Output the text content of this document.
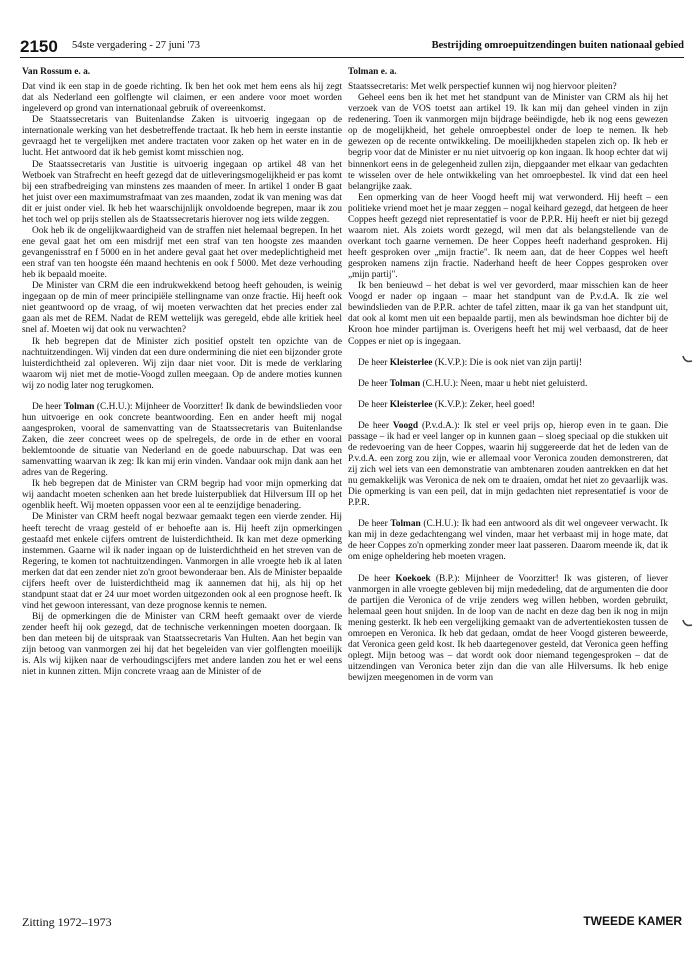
2150 54ste vergadering - 27 juni '73	Bestrijding omroepuitzendingen buiten nationaal gebied

Van Rossum e. a.

Dat vind ik een stap in de goede richting. Ik ben het ook met hem eens als hij zegt dat als Nederland een golflengte wil claimen, er een andere voor moet worden ingeleverd op grond van internationaal gebruik of overeenkomst.

De Staatssecretaris van Buitenlandse Zaken is uitvoerig ingegaan op de internationale werking van het desbetreffende tractaat. Ik heb hem in eerste instantie gevraagd het te vergelijken met andere tractaten voor zaken op het water en in de lucht. Het antwoord dat ik heb gemist komt misschien nog.

De Staatssecretaris van Justitie is uitvoerig ingegaan op artikel 48 van het Wetboek van Strafrecht en heeft gezegd dat de uitleveringsmogelijkheid er pas komt bij een strafbedreiging van minstens zes maanden of meer. In artikel 1 onder B gaat het juist over een maximumstrafmaat van zes maanden, zodat ik van mening was dat dit er juist onder viel. Ik heb het waarschijnlijk onvoldoende begrepen, maar ik zou het toch wel op prijs stellen als de Staatssecretaris hierover nog iets wilde zeggen.

Ook heb ik de ongelijkwaardigheid van de straffen niet helemaal begrepen. In het ene geval gaat het om een misdrijf met een straf van ten hoogste zes maanden gevangenisstraf en f 5000 en in het andere geval gaat het over medeplichtigheid met een straf van ten hoogste één maand hechtenis en ook f 5000. Met deze verhouding heb ik bepaald moeite.

De Minister van CRM die een indrukwekkend betoog heeft gehouden, is weinig ingegaan op de min of meer principiële stellingname van onze fractie. Hij heeft ook niet geantwoord op de vraag, of wij moeten verwachten dat het precies ender zal gaan als met de REM. Nadat de REM wettelijk was geregeld, ebde alle kritiek heel snel af. Moeten wij dat ook nu verwachten?

Ik heb begrepen dat de Minister zich positief opstelt ten opzichte van de nachtuitzendingen. Wij vinden dat een dure ondermining die niet een bijzonder grote luisterdichtheid zal opleveren. Wij zijn daar niet voor. Dit is mede de verklaring waarom wij niet met de motie-Voogd zullen meegaan. Op de andere moties kunnen wij zo nodig later nog terugkomen.

De heer Tolman (C.H.U.): Mijnheer de Voorzitter! Ik dank de bewindslieden voor hun uitvoerige en ook concrete beantwoording. Een en ander heeft mij nogal aangesproken, vooral de samenvatting van de Staatssecretaris van Buitenlandse Zaken, die zeer concreet wees op de spelregels, de orde in de ether en vooral beklemtoonde de situatie van Nederland en de goede nabuurschap. Dat was een samenvatting waarvan ik zeg: Ik kan mij erin vinden. Vandaar ook mijn dank aan het adres van de Regering.

Ik heb begrepen dat de Minister van CRM begrip had voor mijn opmerking dat wij aandacht moeten schenken aan het brede luisterpubliek dat Hilversum III op het ogenblik heeft. Wij moeten oppassen voor een al te eenzijdige benadering.

De Minister van CRM heeft nogal bezwaar gemaakt tegen een vierde zender. Hij heeft terecht de vraag gesteld of er behoefte aan is. Hij heeft zijn opmerkingen gestaafd met enkele cijfers omtrent de luisterdichtheid. Ik kan met deze opmerking instemmen. Gaarne wil ik nader ingaan op de luisterdichtheid en het streven van de Regering, te komen tot nachtuitzendingen. Vanmorgen in alle vroegte heb ik al laten merken dat dat een zender niet zo'n groot bewonderaar ben. Als de Minister bepaalde cijfers heeft over de luisterdichtheid mag ik aannemen dat hij, als hij op het standpunt staat dat er 24 uur moet worden uitgezonden ook al een prognose heeft. Ik vind het gewoon interessant, van deze prognose kennis te nemen.

Bij de opmerkingen die de Minister van CRM heeft gemaakt over de vierde zender heeft hij ook gezegd, dat de technische verkenningen moeten doorgaan. Ik ben dan meteen bij de uitspraak van Staatssecretaris Van Hulten. Aan het begin van zijn betoog van vanmorgen zei hij dat het begeleiden van vier golflengten moeilijk is. Als wij kijken naar de verhoudingscijfers met andere landen zou het er wel eens niet in kunnen zitten. Mijn concrete vraag aan de Minister of de

Tolman e. a.

Staatssecretaris: Met welk perspectief kunnen wij nog hiervoor pleiten?

Geheel eens ben ik het met het standpunt van de Minister van CRM als hij het verzoek van de VOS toetst aan artikel 19. Ik kan mij dan geheel vinden in zijn redenering. Toen ik vanmorgen mijn bijdrage beëindigde, heb ik nog eens gewezen op de mogelijkheid, het gehele omroepbestel onder de loep te nemen. Ik heb gewezen op de recente ontwikkeling. De moeilijkheden stapelen zich op. Ik heb er begrip voor dat de Minister er nu niet uitvoerig op kon ingaan. Ik hoop echter dat wij binnenkort eens in de gelegenheid zullen zijn, diepgaander met elkaar van gedachten te wisselen over de hele ontwikkeling van het omroepbestel. Ik vind dat een heel belangrijke zaak.

Een opmerking van de heer Voogd heeft mij wat verwonderd. Hij heeft – een politieke vriend moet het je maar zeggen – nogal keihard gezegd, dat hetgeen de heer Coppes heeft gezegd niet representatief is voor de P.P.R. Hij heeft er niet bij gezegd waarom niet. Als zoiets wordt gezegd, wil men dat als belangstellende van de overkant toch gaarne vernemen. De heer Coppes heeft naderhand gesproken. Hij heeft gesproken over „mijn fractie". Ik neem aan, dat de heer Coppes wel heeft gesproken namens zijn fractie. Naderhand heeft de heer Coppes gesproken over „mijn partij".

Ik ben benieuwd – het debat is wel ver gevorderd, maar misschien kan de heer Voogd er nader op ingaan – maar het standpunt van de P.v.d.A. Ik zie wel bewindslieden van de P.P.R. achter de tafel zitten, maar ik ga van het standpunt uit, dat ook al komt men uit een bepaalde partij, men als bewindsman hoe dichter bij de Kroon hoe minder partijman is. Overigens heeft het mij wel verbaasd, dat de heer Coppes er niet op is ingegaan.

De heer Kleisterlee (K.V.P.): Die is ook niet van zijn partij!

De heer Tolman (C.H.U.): Neen, maar u hebt niet geluisterd.

De heer Kleisterlee (K.V.P.): Zeker, heel goed!

De heer Voogd (P.v.d.A.): Ik stel er veel prijs op, hierop even in te gaan. Die passage – ik had er veel langer op in kunnen gaan – sloeg speciaal op die stukken uit de redevoering van de heer Coppes, waarin hij suggereerde dat het de leden van de P.v.d.A. een zorg zou zijn, wie er allemaal voor Veronica zouden demonstreren, dat zij zich wel iets van een demonstratie van ambtenaren zouden aantrekken en dat het nu gemakkelijk was Veronica de nek om te draaien, omdat het niet zo gevaarlijk was. Die opmerking is van een peil, dat in mijn gedachten niet representatief is voor de P.P.R.

De heer Tolman (C.H.U.): Ik had een antwoord als dit wel ongeveer verwacht. Ik kan mij in deze gedachtengang wel vinden, maar het verbaast mij in hoge mate, dat de heer Coppes zo'n opmerking zonder meer laat passeren. Daarom meende ik, dat ik om enige opheldering heb moeten vragen.

De heer Koekoek (B.P.): Mijnheer de Voorzitter! Ik was gisteren, of liever vanmorgen in alle vroegte gebleven bij mijn mededeling, dat de argumenten die door de partijen die Veronica of de vrije zenders weg willen hebben, worden gebruikt, helemaal geen hout snijden. In de loop van de nacht en deze dag ben ik nog in mijn mening gesterkt. Ik heb een vergelijking gemaakt van de advertentiekosten tussen de omroepen en Veronica. Ik heb dat gedaan, omdat de heer Voogd gisteren beweerde, dat Veronica geen geld kost. Ik heb daartegenover gesteld, dat Veronica geen heffing oplegt. Mijn betoog was – dat wordt ook door niemand tegengesproken – dat de uitzendingen van Veronica beter zijn dan die van alle Hilversums. Ik heb enige bewijzen meegenomen in de vorm van

Zitting 1972–1973	TWEEDE KAMER
